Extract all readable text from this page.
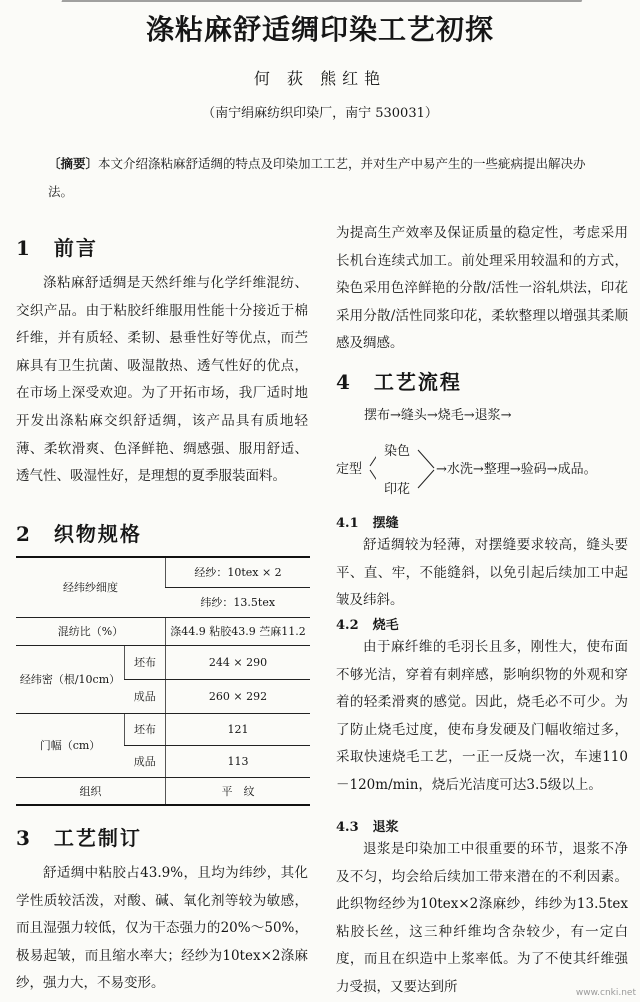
涤粘麻舒适绸印染工艺初探
何 荻 熊红艳
（南宁绢麻纺织印染厂，南宁 530031）
〔摘要〕本文介绍涤粘麻舒适绸的特点及印染加工工艺，并对生产中易产生的一些疵病提出解决办法。
1 前言
涤粘麻舒适绸是天然纤维与化学纤维混纺、交织产品。由于粘胶纤维服用性能十分接近于棉纤维，并有质轻、柔韧、悬垂性好等优点，而苎麻具有卫生抗菌、吸湿散热、透气性好的优点，在市场上深受欢迎。为了开拓市场，我厂适时地开发出涤粘麻交织舒适绸，该产品具有质地轻薄、柔软滑爽、色泽鲜艳、绸感强、服用舒适、透气性、吸湿性好，是理想的夏季服装面料。
2 织物规格
经纬纱细度		经纱：10tex × 2
		纬纱：13.5tex
混纺比（%）		涤44.9 粘胶43.9 苎麻11.2
经纬密（根/10cm）	坯布	244 × 290
	成品	260 × 292
门幅（cm）	坯布	121
	成品	113
组织		平　纹
3 工艺制订
舒适绸中粘胶占43.9%，且均为纬纱，其化学性质较活泼，对酸、碱、氧化剂等较为敏感，而且湿强力较低，仅为干态强力的20%～50%，极易起皱，而且缩水率大；经纱为10tex×2涤麻纱，强力大，不易变形。
为提高生产效率及保证质量的稳定性，考虑采用长机台连续式加工。前处理采用较温和的方式，染色采用色淬鲜艳的分散/活性一浴轧烘法，印花采用分散/活性同浆印花，柔软整理以增强其柔顺感及绸感。
4 工艺流程
摆布→缝头→烧毛→退浆→
定型
染色
印花
→水洗→整理→验码→成品。
4.1 摆缝
舒适绸较为轻薄，对摆缝要求较高，缝头要平、直、牢，不能缝斜，以免引起后续加工中起皱及纬斜。
4.2 烧毛
由于麻纤维的毛羽长且多，刚性大，使布面不够光洁，穿着有刺痒感，影响织物的外观和穿着的轻柔滑爽的感觉。因此，烧毛必不可少。为了防止烧毛过度，使布身发硬及门幅收缩过多，采取快速烧毛工艺，一正一反烧一次，车速110－120m/min，烧后光洁度可达3.5级以上。
4.3 退浆
退浆是印染加工中很重要的环节，退浆不净及不匀，均会给后续加工带来潜在的不利因素。此织物经纱为10tex×2涤麻纱，纬纱为13.5tex粘胶长丝，这三种纤维均含杂较少，有一定白度，而且在织造中上浆率低。为了不使其纤维强力受损，又要达到所	www.cnki.net
